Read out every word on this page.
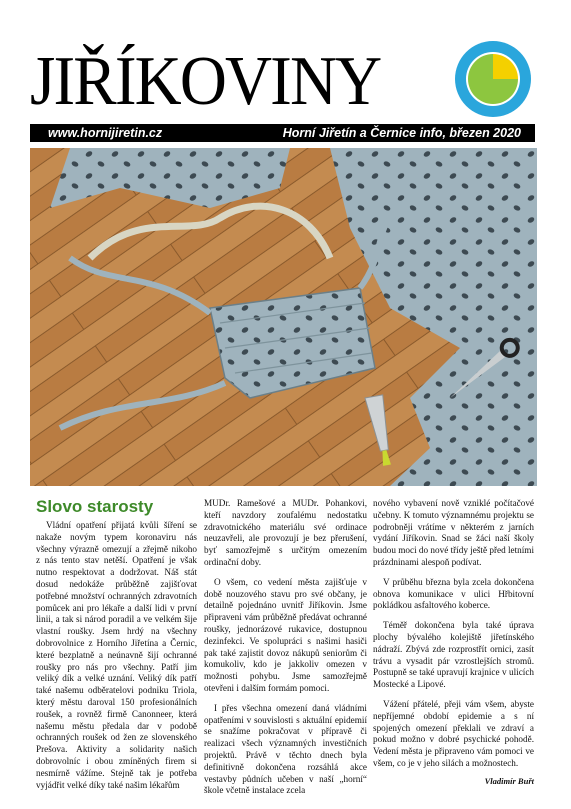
JIŘÍKOVINY
www.hornijiretin.cz	Horní Jiřetín a Černice info, březen 2020
Slovo starosty

Vládní opatření přijatá kvůli šíření se nakaže novým typem koronaviru nás všechny výrazně omezují a zřejmě nikoho z nás tento stav netěší. Opatření je však nutno respektovat a dodržovat. Náš stát dosud nedokáže průběžně zajišťovat potřebné množství ochranných zdravotních pomůcek ani pro lékaře a další lidi v první linii, a tak si národ poradil a ve velkém šije vlastní roušky. Jsem hrdý na všechny dobrovolnice z Horního Jiřetína a Černic, které bezplatně a neúnavně šijí ochranné roušky pro nás pro všechny. Patří jim veliký dík a velké uznání. Veliký dík patří také našemu odběratelovi podniku Triola, který městu daroval 150 profesionálních roušek, a rovněž firmě Canonneer, která našemu městu předala dar v podobě ochranných roušek od žen ze slovenského Prešova. Aktivity a solidarity našich dobrovolníc i obou zmíněných firem si nesmírně vážíme. Stejně tak je potřeba vyjádřit velké díky také našim lékařům

MUDr. Ramešové a MUDr. Pohankovi, kteří navzdory zoufalému nedostatku zdravotnického materiálu své ordinace neuzavřeli, ale provozují je bez přerušení, byť samozřejmě s určitým omezením ordinační doby.

O všem, co vedení města zajišťuje v době nouzového stavu pro své občany, je detailně pojednáno uvnitř Jiříkovin. Jsme připraveni vám průběžně předávat ochranné roušky, jednorázové rukavice, dostupnou dezinfekci. Ve spolupráci s našimi hasiči pak také zajistit dovoz nákupů seniorům či komukoliv, kdo je jakkoliv omezen v možnosti pohybu. Jsme samozřejmě otevřeni i dalším formám pomoci.

I přes všechna omezení daná vládními opatřeními v souvislosti s aktuální epidemií se snažíme pokračovat v přípravě či realizaci všech významných investičních projektů. Právě v těchto dnech byla definitivně dokončena rozsáhlá akce vestavby půdních učeben v naší „horní“ škole včetně instalace zcela

nového vybavení nově vzniklé počítačové učebny. K tomuto významnému projektu se podrobněji vrátíme v některém z jarních vydání Jiříkovin. Snad se žáci naší školy budou moci do nové třídy ještě před letními prázdninami alespoň podívat.

V průběhu března byla zcela dokončena obnova komunikace v ulici Hřbitovní pokládkou asfaltového koberce.

Téměř dokončena byla také úprava plochy bývalého kolejiště jiřetínského nádraží. Zbývá zde rozprostřít ornici, zasít trávu a vysadit pár vzrostlejších stromů. Postupně se také upravují krajnice v ulicích Mostecké a Lipové.

Vážení přátelé, přeji vám všem, abyste nepříjemné období epidemie a s ní spojených omezení překlali ve zdraví a pokud možno v dobré psychické pohodě. Vedení města je připraveno vám pomoci ve všem, co je v jeho silách a možnostech.

Vladimír Buřt
